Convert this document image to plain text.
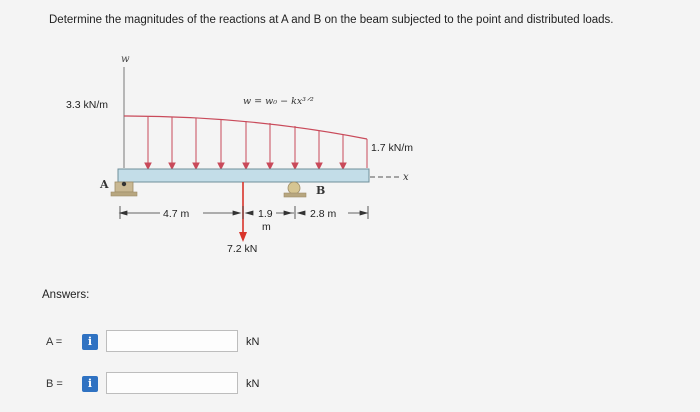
Determine the magnitudes of the reactions at A and B on the beam subjected to the point and distributed loads.
w
3.3 kN/m
1.7 kN/m
w = w₀ − kx³ᐟ²
x
A	B
7.2 kN
4.7 m	1.9
m
2.8 m
Answers:
A =	i	kN
B =	i	kN
